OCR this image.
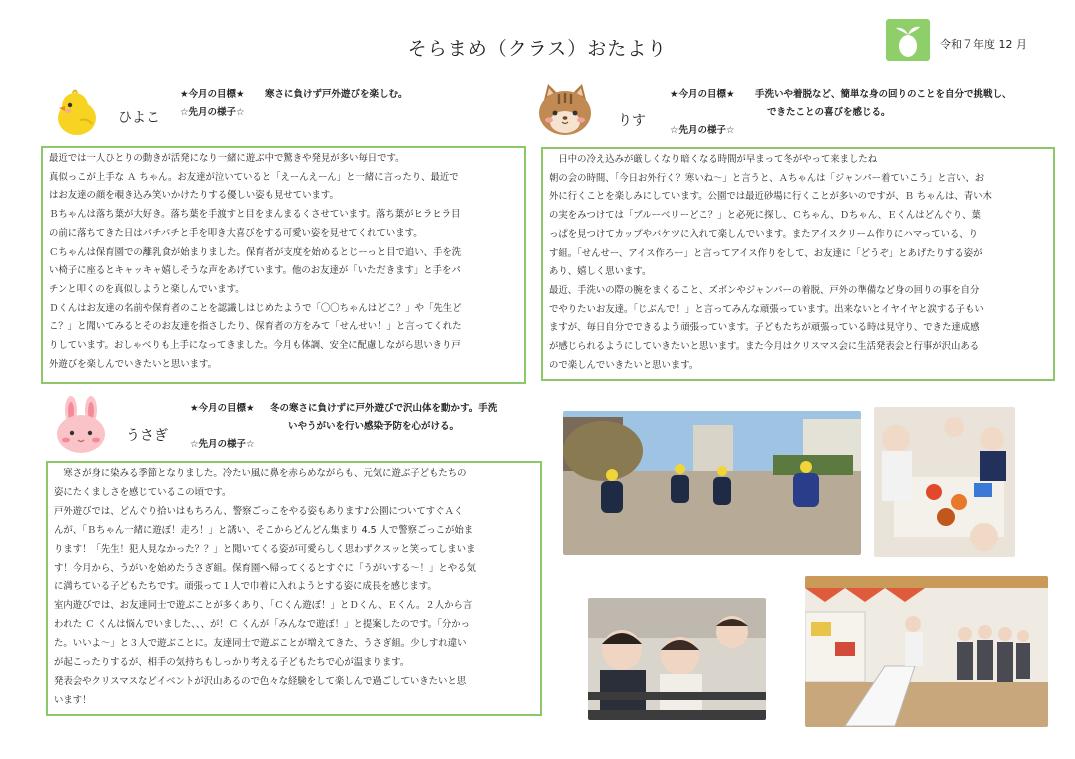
そらまめ（クラス）おたより	令和７年度 12 月
ひよこ
★今月の目標★ 寒さに負けず戸外遊びを楽しむ。
☆先月の様子☆

最近では一人ひとりの動きが活発になり一緒に遊ぶ中で驚きや発見が多い毎日です。

真似っこが上手な Ａ ちゃん。お友達が泣いていると「えーんえーん」と一緒に言ったり、最近で

はお友達の顔を覗き込み笑いかけたりする優しい姿も見せています。

Ｂちゃんは落ち葉が大好き。落ち葉を手渡すと目をまんまるくさせています。落ち葉がヒラヒラ目

の前に落ちてきた日はパチパチと手を叩き大喜びをする可愛い姿を見せてくれています。

Ｃちゃんは保育園での離乳食が始まりました。保育者が支度を始めるとじーっと目で追い、手を洗

い椅子に座るとキャッキャ嬉しそうな声をあげています。他のお友達が「いただきます」と手をパ

チンと叩くのを真似しようと楽しんでいます。

Ｄくんはお友達の名前や保育者のことを認識しはじめたようで「〇〇ちゃんはどこ？」や「先生ど

こ？」と聞いてみるとそのお友達を指さしたり、保育者の方をみて「せんせい！」と言ってくれた

りしています。おしゃべりも上手になってきました。今月も体調、安全に配慮しながら思いきり戸

外遊びを楽しんでいきたいと思います。

りす
★今月の目標★ 手洗いや着脱など、簡単な身の回りのことを自分で挑戦し、
できたことの喜びを感じる。
☆先月の様子☆

　日中の冷え込みが厳しくなり暗くなる時間が早まって冬がやって来ましたね

朝の会の時間、「今日お外行く？寒いね～」と言うと、Ａちゃんは「ジャンパー着ていこう」と言い、お

外に行くことを楽しみにしています。公園では最近砂場に行くことが多いのですが、Ｂ ちゃんは、青い木

の実をみつけては「ブルーベリーどこ？」と必死に探し、Ｃちゃん、Ｄちゃん、Ｅくんはどんぐり、葉

っぱを見つけてカップやバケツに入れて楽しんでいます。またアイスクリーム作りにハマっている、り

す組。「せんせー、アイス作ろー」と言ってアイス作りをして、お友達に「どうぞ」とあげたりする姿が

あり、嬉しく思います。

最近、手洗いの際の腕をまくること、ズボンやジャンパーの着脱、戸外の準備など身の回りの事を自分

でやりたいお友達。「じぶんで！」と言ってみんな頑張っています。出来ないとイヤイヤと涙する子もい

ますが、毎日自分でできるよう頑張っています。子どもたちが頑張っている時は見守り、できた達成感

が感じられるようにしていきたいと思います。また今月はクリスマス会に生活発表会と行事が沢山ある

ので楽しんでいきたいと思います。

うさぎ
★今月の目標★ 冬の寒さに負けずに戸外遊びで沢山体を動かす。手洗
いやうがいを行い感染予防を心がける。
☆先月の様子☆

　寒さが身に染みる季節となりました。冷たい風に鼻を赤らめながらも、元気に遊ぶ子どもたちの

姿にたくましさを感じているこの頃です。

戸外遊びでは、どんぐり拾いはもちろん、警察ごっこをやる姿もあります♪公園についてすぐＡく

んが、「Ｂちゃん一緒に遊ぼ！走ろ！」と誘い、そこからどんどん集まり 4.5 人で警察ごっこが始ま

ります！「先生！犯人見なかった？？」と聞いてくる姿が可愛らしく思わずクスッと笑ってしまいま

す！今月から、うがいを始めたうさぎ組。保育園へ帰ってくるとすぐに「うがいする～！」とやる気

に満ちている子どもたちです。頑張って１人で巾着に入れようとする姿に成長を感じます。

室内遊びでは、お友達同士で遊ぶことが多くあり、「Ｃくん遊ぼ！」とＤくん、Ｅくん。２人から言

われた Ｃ くんは悩んでいました、、、が！Ｃ くんが「みんなで遊ぼ！」と提案したのです。「分かっ

た。いいよ～」と３人で遊ぶことに。友達同士で遊ぶことが増えてきた、うさぎ組。少しすれ違い

が起こったりするが、相手の気持ちもしっかり考える子どもたちで心が温まります。

発表会やクリスマスなどイベントが沢山あるので色々な経験をして楽しんで過ごしていきたいと思

います！
